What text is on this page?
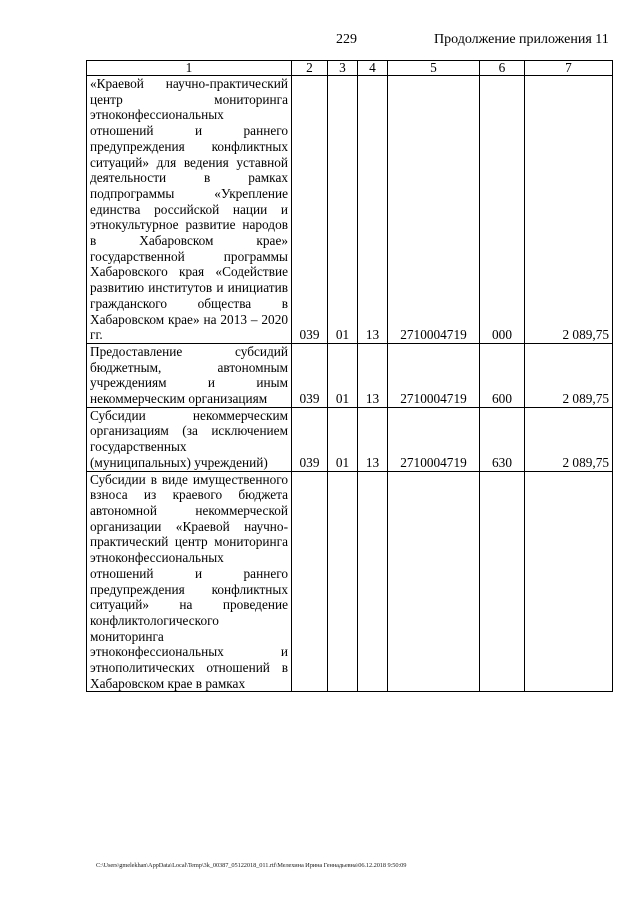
229	Продолжение приложения 11
1	2	3	4	5	6	7
«Краевой научно-практический центр мониторинга этноконфессиональных отношений и раннего предупреждения конфликтных ситуаций» для ведения уставной деятельности в рамках подпрограммы «Укрепление единства российской нации и этнокультурное развитие народов в Хабаровском крае» государственной программы Хабаровского края «Содействие развитию институтов и инициатив гражданского общества в Хабаровском крае» на 2013 – 2020 гг.	039	01	13	2710004719	000	2 089,75
Предоставление субсидий бюджетным, автономным учреждениям и иным некоммерческим организациям	039	01	13	2710004719	600	2 089,75
Субсидии некоммерческим организациям (за исключением государственных (муниципальных) учреждений)	039	01	13	2710004719	630	2 089,75
Субсидии в виде имущественного взноса из краевого бюджета автономной некоммерческой организации «Краевой научно-практический центр мониторинга этноконфессиональных отношений и раннего предупреждения конфликтных ситуаций» на проведение конфликтологического мониторинга этноконфессиональных и этнополитических отношений в Хабаровском крае в рамках						
C:\Users\gmelekhan\AppData\Local\Temp\3k_00387_05122018_011.rtf\Мелехина Ирина Геннадьевна\06.12.2018 9:50:09
